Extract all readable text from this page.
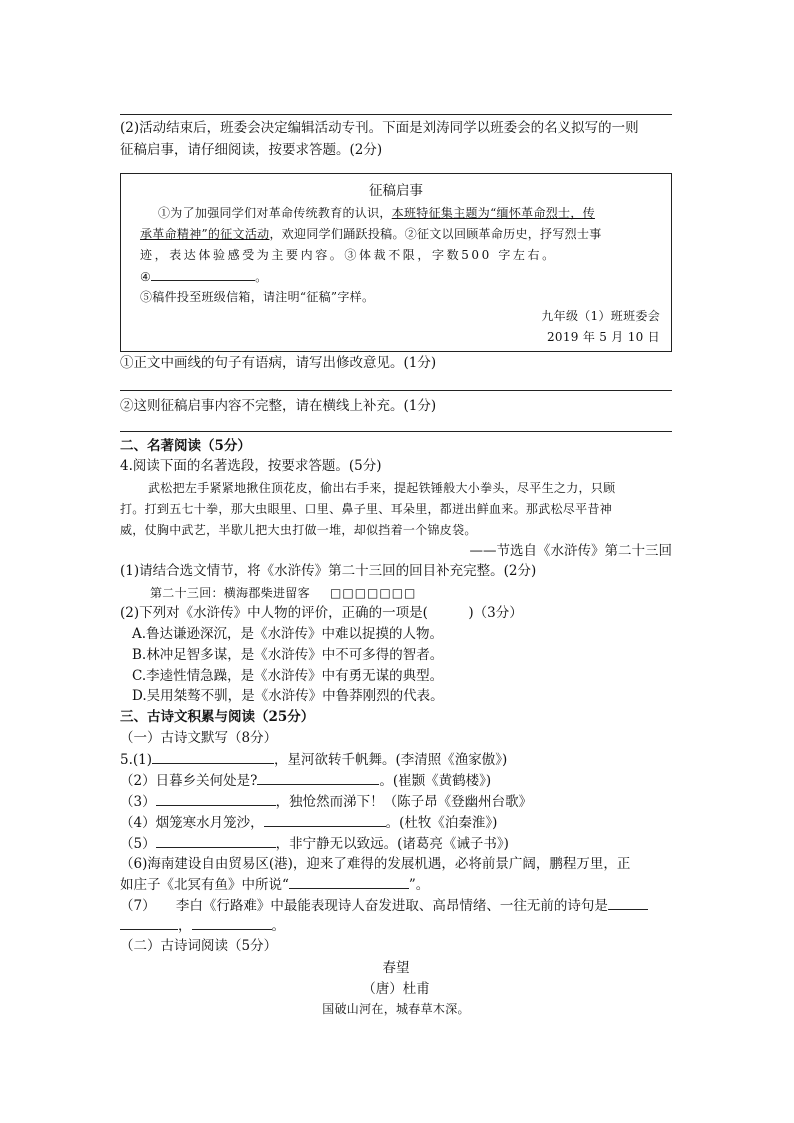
(2)活动结束后，班委会决定编辑活动专刊。下面是刘涛同学以班委会的名义拟写的一则
征稿启事，请仔细阅读，按要求答题。(2分)
征稿启事
①为了加强同学们对革命传统教育的认识，本班特征集主题为“缅怀革命烈士，传
承革命精神”的征文活动，欢迎同学们踊跃投稿。②征文以回顾革命历史，抒写烈士事
迹，表达体验感受为主要内容。③体裁不限，字数500 字左右。
④	。
⑤稿件投至班级信箱，请注明“征稿”字样。
九年级（1）班班委会
2019 年 5 月 10 日
①正文中画线的句子有语病，请写出修改意见。(1分)
②这则征稿启事内容不完整，请在横线上补充。(1分)
二、名著阅读（5分）
4.阅读下面的名著选段，按要求答题。(5分)
武松把左手紧紧地揪住顶花皮，偷出右手来，提起铁锤般大小拳头，尽平生之力，只顾
打。打到五七十拳，那大虫眼里、口里、鼻子里、耳朵里，都迸出鲜血来。那武松尽平昔神
威，仗胸中武艺，半歇儿把大虫打做一堆，却似挡着一个锦皮袋。
——节选自《水浒传》第二十三回
(1)请结合选文情节，将《水浒传》第二十三回的回目补充完整。(2分)
第二十三回：横海郡柴进留客 □□□□□□□
(2)下列对《水浒传》中人物的评价，正确的一项是(　　　)（3分）
A.鲁达谦逊深沉，是《水浒传》中难以捉摸的人物。
B.林冲足智多谋，是《水浒传》中不可多得的智者。
C.李逵性情急躁，是《水浒传》中有勇无谋的典型。
D.吴用桀骜不驯，是《水浒传》中鲁莽刚烈的代表。
三、古诗文积累与阅读（25分）
（一）古诗文默写（8分）
5.(1)	，星河欲转千帆舞。(李清照《渔家傲》)
（2）日暮乡关何处是?	。(崔颢《黄鹤楼》)
（3）	，独怆然而涕下！（陈子昂《登幽州台歌》
（4）烟笼寒水月笼沙，	。(杜牧《泊秦淮》)
（5）	，非宁静无以致远。(诸葛亮《诫子书》)
（6)海南建设自由贸易区(港)，迎来了难得的发展机遇，必将前景广阔，鹏程万里，正
如庄子《北冥有鱼》中所说“	”。
（7）　　李白《行路难》中最能表现诗人奋发进取、高昂情绪、一往无前的诗句是
，	。
（二）古诗词阅读（5分）
春望
（唐）杜甫
国破山河在，城春草木深。
